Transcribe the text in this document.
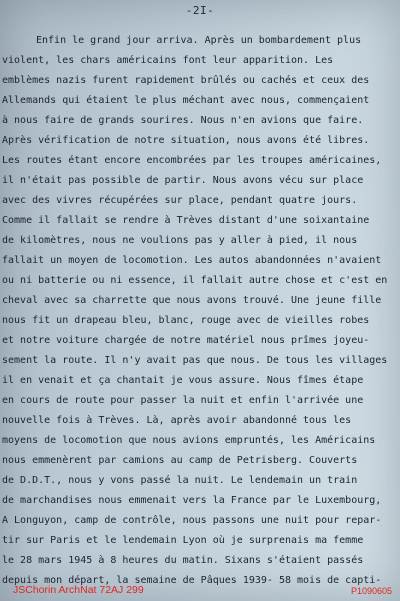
-2I-
Enfin le grand jour arriva. Après un bombardement plus
violent, les chars américains font leur apparition. Les
emblèmes nazis furent rapidement brûlés ou cachés et ceux des
Allemands qui étaient le plus méchant avec nous, commençaient
à nous faire de grands sourires. Nous n'en avions que faire.
Après vérification de notre situation, nous avons été libres.
Les routes étant encore encombrées par les troupes américaines,
il n'était pas possible de partir. Nous avons vécu sur place
avec des vivres récupérées sur place, pendant quatre jours.
Comme il fallait se rendre à Trèves distant d'une soixantaine
de kilomètres, nous ne voulions pas y aller à pied, il nous
fallait un moyen de locomotion. Les autos abandonnées n'avaient
ou ni batterie ou ni essence, il fallait autre chose et c'est en
cheval avec sa charrette que nous avons trouvé. Une jeune fille
nous fit un drapeau bleu, blanc, rouge avec de vieilles robes
et notre voiture chargée de notre matériel nous prîmes joyeu-
sement la route. Il n'y avait pas que nous. De tous les villages
il en venait et ça chantait je vous assure. Nous fîmes étape
en cours de route pour passer la nuit et enfin l'arrivée une
nouvelle fois à Trèves. Là, après avoir abandonné tous les
moyens de locomotion que nous avions empruntés, les Américains
nous emmenèrent par camions au camp de Petrisberg. Couverts
de D.D.T., nous y vons passé la nuit. Le lendemain un train
de marchandises nous emmenait vers la France par le Luxembourg,
A Longuyon, camp de contrôle, nous passons une nuit pour repar-
tir sur Paris et le lendemain Lyon où je surprenais ma femme
le 28 mars 1945 à 8 heures du matin. Sixans s'étaient passés
depuis mon départ, la semaine de Pâques 1939- 58 mois de capti-
JSChorin ArchNat 72AJ 299	P1090605
